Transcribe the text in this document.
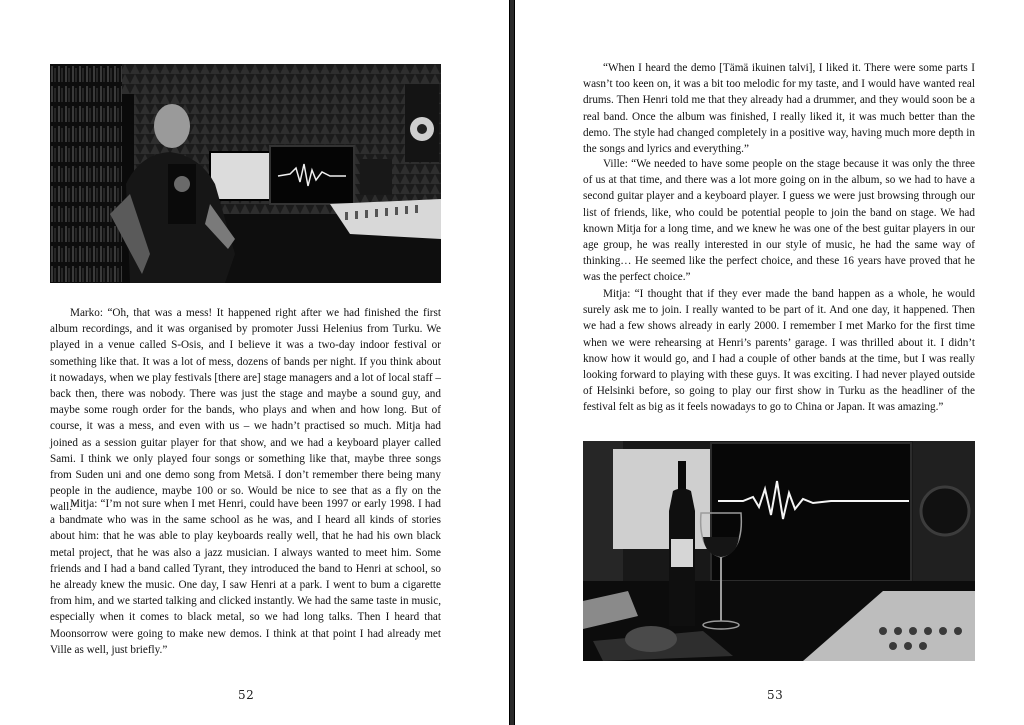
Marko: “Oh, that was a mess! It happened right after we had finished the first album recordings, and it was organised by promoter Jussi Helenius from Turku. We played in a venue called S-Osis, and I believe it was a two-day indoor festival or something like that. It was a lot of mess, dozens of bands per night. If you think about it nowadays, when we play festivals [there are] stage managers and a lot of local staff – back then, there was nobody. There was just the stage and maybe a sound guy, and maybe some rough order for the bands, who plays and when and how long. But of course, it was a mess, and even with us – we hadn’t practised so much. Mitja had joined as a session guitar player for that show, and we had a keyboard player called Sami. I think we only played four songs or something like that, maybe three songs from Suden uni and one demo song from Metsä. I don’t remember there being many people in the audience, maybe 100 or so. Would be nice to see that as a fly on the wall.”

Mitja: “I’m not sure when I met Henri, could have been 1997 or early 1998. I had a bandmate who was in the same school as he was, and I heard all kinds of stories about him: that he was able to play keyboards really well, that he had his own black metal project, that he was also a jazz musician. I always wanted to meet him. Some friends and I had a band called Tyrant, they introduced the band to Henri at school, so he already knew the music. One day, I saw Henri at a park. I went to bum a cigarette from him, and we started talking and clicked instantly. We had the same taste in music, especially when it comes to black metal, so we had long talks. Then I heard that Moonsorrow were going to make new demos. I think at that point I had already met Ville as well, just briefly.”

52

“When I heard the demo [Tämä ikuinen talvi], I liked it. There were some parts I wasn’t too keen on, it was a bit too melodic for my taste, and I would have wanted real drums. Then Henri told me that they already had a drummer, and they would soon be a real band. Once the album was finished, I really liked it, it was much better than the demo. The style had changed completely in a positive way, having much more depth in the songs and lyrics and everything.”

Ville: “We needed to have some people on the stage because it was only the three of us at that time, and there was a lot more going on in the album, so we had to have a second guitar player and a keyboard player. I guess we were just browsing through our list of friends, like, who could be potential people to join the band on stage. We had known Mitja for a long time, and we knew he was one of the best guitar players in our age group, he was really interested in our style of music, he had the same way of thinking… He seemed like the perfect choice, and these 16 years have proved that he was the perfect choice.”

Mitja: “I thought that if they ever made the band happen as a whole, he would surely ask me to join. I really wanted to be part of it. And one day, it happened. Then we had a few shows already in early 2000. I remember I met Marko for the first time when we were rehearsing at Henri’s parents’ garage. I was thrilled about it. I didn’t know how it would go, and I had a couple of other bands at the time, but I was really looking forward to playing with these guys. It was exciting. I had never played outside of Helsinki before, so going to play our first show in Turku as the headliner of the festival felt as big as it feels nowadays to go to China or Japan. It was amazing.”

53
